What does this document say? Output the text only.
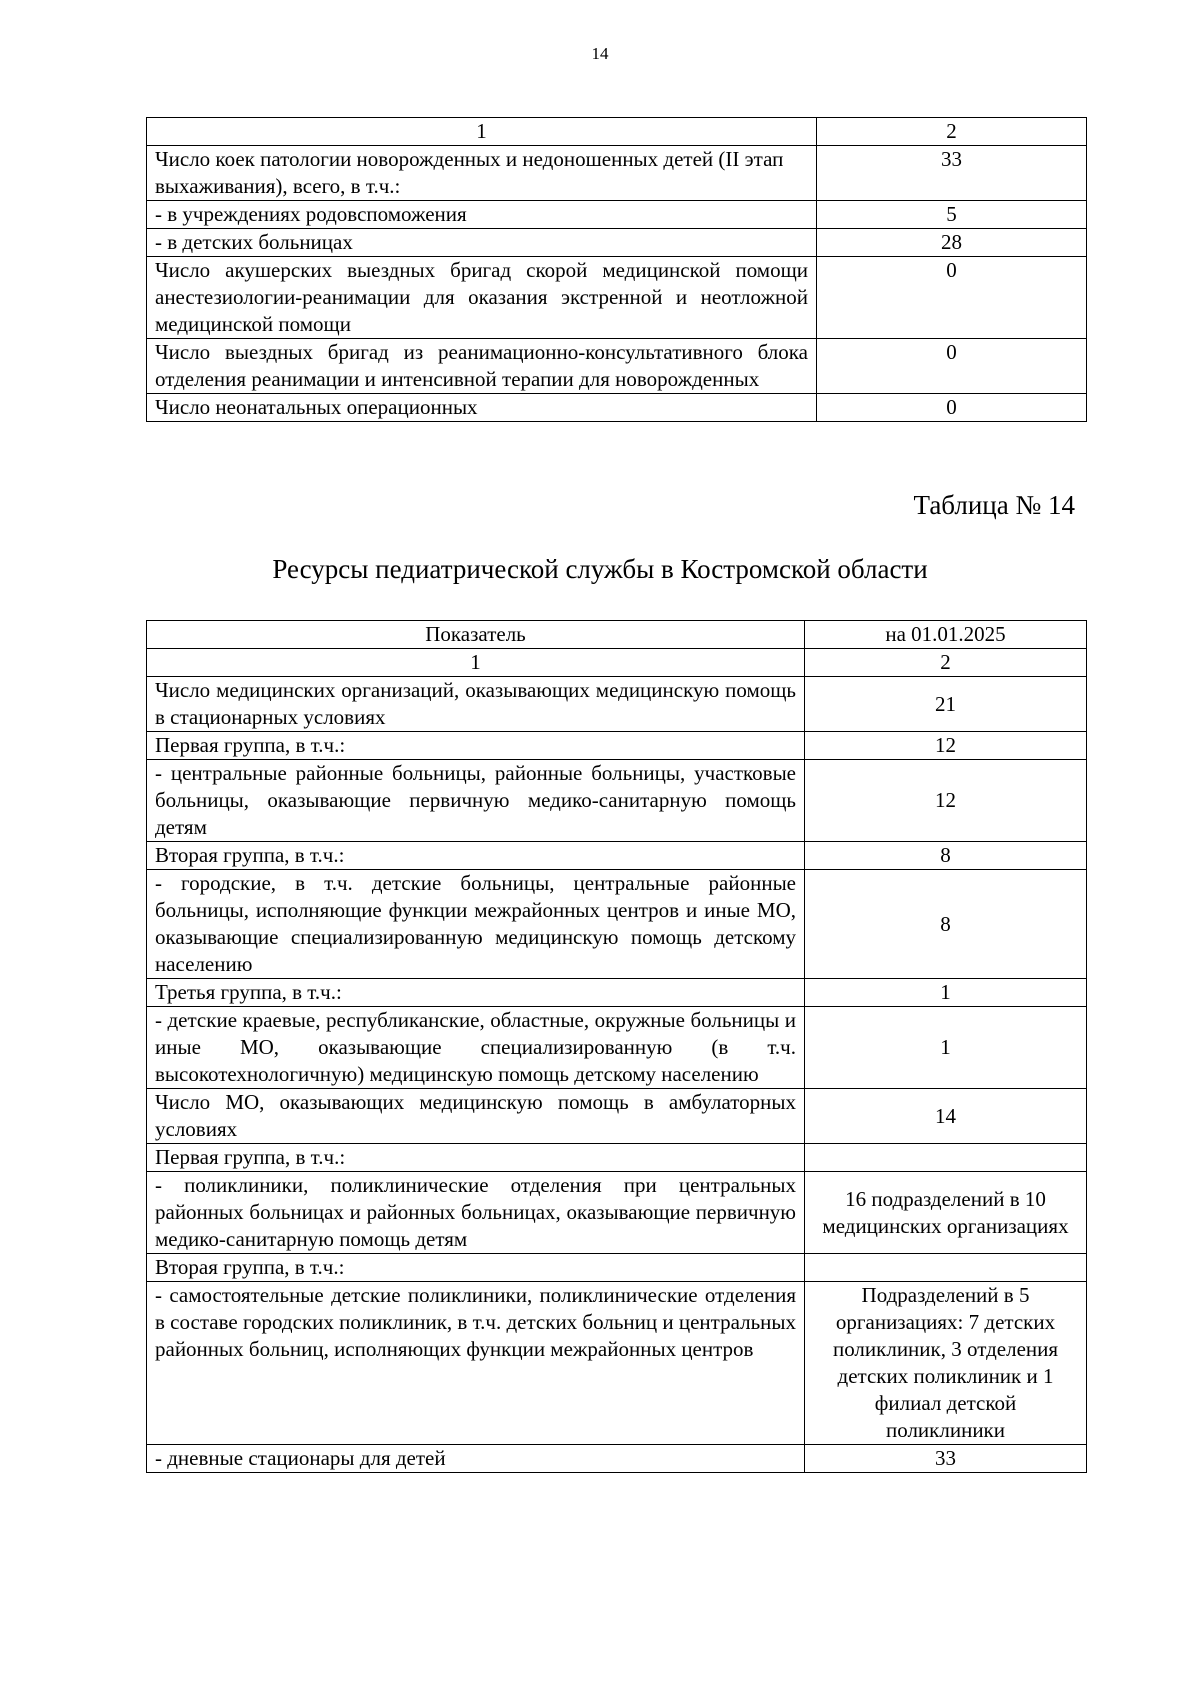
14
1	2
Число коек патологии новорожденных и недоношенных детей (II этап выхаживания), всего, в т.ч.:	33
- в учреждениях родовспоможения	5
- в детских больницах	28
Число акушерских выездных бригад скорой медицинской помощи анестезиологии-реанимации для оказания экстренной и неотложной медицинской помощи	0
Число выездных бригад из реанимационно-консультативного блока отделения реанимации и интенсивной терапии для новорожденных	0
Число неонатальных операционных	0
Таблица № 14
Ресурсы педиатрической службы в Костромской области
Показатель	на 01.01.2025
1	2
Число медицинских организаций, оказывающих медицинскую помощь в стационарных условиях	21
Первая группа, в т.ч.:	12
- центральные районные больницы, районные больницы, участковые больницы, оказывающие первичную медико-санитарную помощь детям	12
Вторая группа, в т.ч.:	8
- городские, в т.ч. детские больницы, центральные районные больницы, исполняющие функции межрайонных центров и иные МО, оказывающие специализированную медицинскую помощь детскому населению	8
Третья группа, в т.ч.:	1
- детские краевые, республиканские, областные, окружные больницы и иные МО, оказывающие специализированную (в т.ч. высокотехнологичную) медицинскую помощь детскому населению	1
Число МО, оказывающих медицинскую помощь в амбулаторных условиях	14
Первая группа, в т.ч.:	
- поликлиники, поликлинические отделения при центральных районных больницах и районных больницах, оказывающие первичную медико-санитарную помощь детям	16 подразделений в 10 медицинских организациях
Вторая группа, в т.ч.:	
- самостоятельные детские поликлиники, поликлинические отделения в составе городских поликлиник, в т.ч. детских больниц и центральных районных больниц, исполняющих функции межрайонных центров	Подразделений в 5 организациях: 7 детских поликлиник, 3 отделения детских поликлиник и 1 филиал детской поликлиники
- дневные стационары для детей	33
